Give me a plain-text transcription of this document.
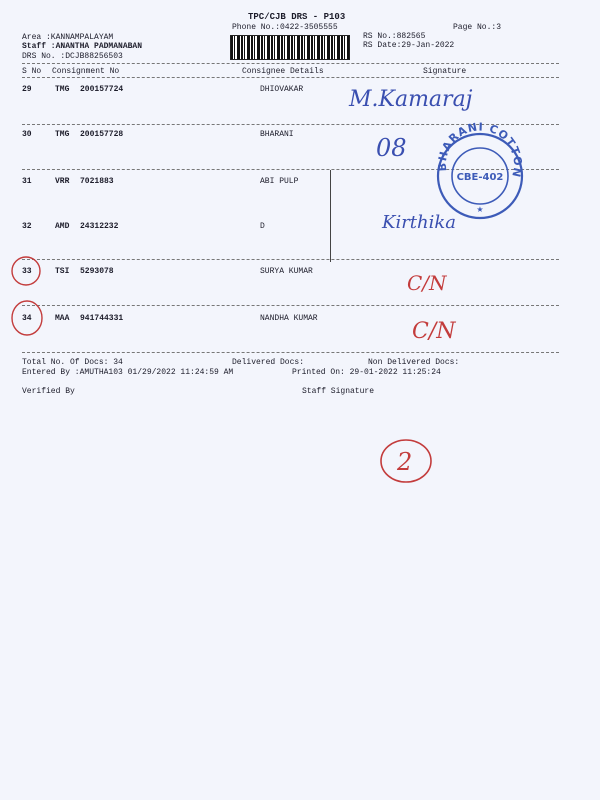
TPC/CJB DRS - P103
Phone No.:0422-3505555	Page No.:3
Area :KANNAMPALAYAM
Staff :ANANTHA PADMANABAN
DRS No. :DCJB88256503
RS No.:882565
RS Date:29-Jan-2022
S No Consignment No	Consignee Details	Signature
29	TMG 200157724	DHIOVAKAR
30	TMG 200157728	BHARANI
31	VRR 7021883	ABI PULP
32	AMD 24312232	D
33	TSI 5293078	SURYA KUMAR
34	MAA 941744331	NANDHA KUMAR
Total No. Of Docs: 34	Delivered Docs:	Non Delivered Docs:
Entered By :AMUTHA103 01/29/2022 11:24:59 AM	Printed On: 29-01-2022 11:25:24
Verified By	Staff Signature
M.Kamaraj
08
BHARANI COTTON MILLS
CBE-402
★
Kirthika
C/N
C/N
2
